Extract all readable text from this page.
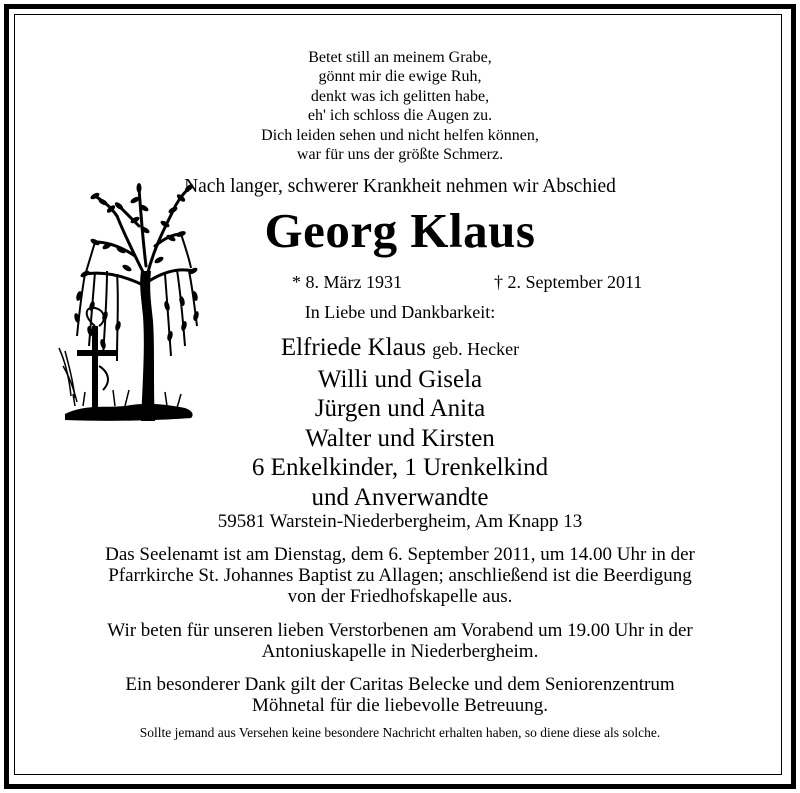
Betet still an meinem Grabe,
gönnt mir die ewige Ruh,
denkt was ich gelitten habe,
eh' ich schloss die Augen zu.
Dich leiden sehen und nicht helfen können,
war für uns der größte Schmerz.
Nach langer, schwerer Krankheit nehmen wir Abschied
Georg Klaus
* 8. März 1931	† 2. September 2011
In Liebe und Dankbarkeit:
Elfriede Klaus geb. Hecker
Willi und Gisela
Jürgen und Anita
Walter und Kirsten
6 Enkelkinder, 1 Urenkelkind
und Anverwandte
59581 Warstein-Niederbergheim, Am Knapp 13
Das Seelenamt ist am Dienstag, dem 6. September 2011, um 14.00 Uhr in der
Pfarrkirche St. Johannes Baptist zu Allagen; anschließend ist die Beerdigung
von der Friedhofskapelle aus.
Wir beten für unseren lieben Verstorbenen am Vorabend um 19.00 Uhr in der
Antoniuskapelle in Niederbergheim.
Ein besonderer Dank gilt der Caritas Belecke und dem Seniorenzentrum
Möhnetal für die liebevolle Betreuung.
Sollte jemand aus Versehen keine besondere Nachricht erhalten haben, so diene diese als solche.
